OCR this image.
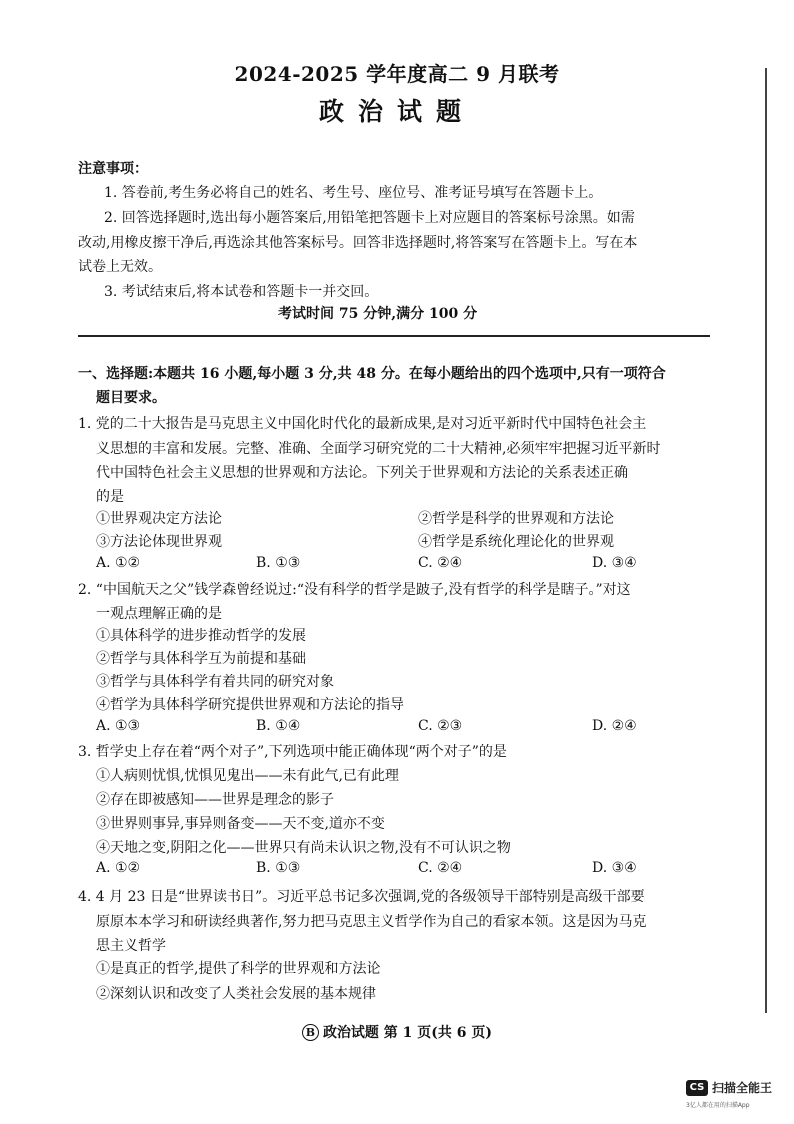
2024-2025 学年度高二 9 月联考
政治试题
注意事项：
1. 答卷前,考生务必将自己的姓名、考生号、座位号、准考证号填写在答题卡上。
2. 回答选择题时,选出每小题答案后,用铅笔把答题卡上对应题目的答案标号涂黑。如需
改动,用橡皮擦干净后,再选涂其他答案标号。回答非选择题时,将答案写在答题卡上。写在本
试卷上无效。
3. 考试结束后,将本试卷和答题卡一并交回。
考试时间 75 分钟,满分 100 分
一、选择题:本题共 16 小题,每小题 3 分,共 48 分。在每小题给出的四个选项中,只有一项符合
题目要求。
1. 党的二十大报告是马克思主义中国化时代化的最新成果,是对习近平新时代中国特色社会主
义思想的丰富和发展。完整、准确、全面学习研究党的二十大精神,必须牢牢把握习近平新时
代中国特色社会主义思想的世界观和方法论。下列关于世界观和方法论的关系表述正确
的是
①世界观决定方法论	②哲学是科学的世界观和方法论
③方法论体现世界观	④哲学是系统化理论化的世界观
A. ①②	B. ①③	C. ②④	D. ③④
2. “中国航天之父”钱学森曾经说过:“没有科学的哲学是跛子,没有哲学的科学是瞎子。”对这
一观点理解正确的是
①具体科学的进步推动哲学的发展
②哲学与具体科学互为前提和基础
③哲学与具体科学有着共同的研究对象
④哲学为具体科学研究提供世界观和方法论的指导
A. ①③	B. ①④	C. ②③	D. ②④
3. 哲学史上存在着“两个对子”,下列选项中能正确体现“两个对子”的是
①人病则忧惧,忧惧见鬼出——未有此气,已有此理
②存在即被感知——世界是理念的影子
③世界则事异,事异则备变——天不变,道亦不变
④天地之变,阴阳之化——世界只有尚未认识之物,没有不可认识之物
A. ①②	B. ①③	C. ②④	D. ③④
4. 4 月 23 日是“世界读书日”。习近平总书记多次强调,党的各级领导干部特别是高级干部要
原原本本学习和研读经典著作,努力把马克思主义哲学作为自己的看家本领。这是因为马克
思主义哲学
①是真正的哲学,提供了科学的世界观和方法论
②深刻认识和改变了人类社会发展的基本规律
B 政治试题 第 1 页(共 6 页)
CS 扫描全能王
3亿人都在用的扫描App
